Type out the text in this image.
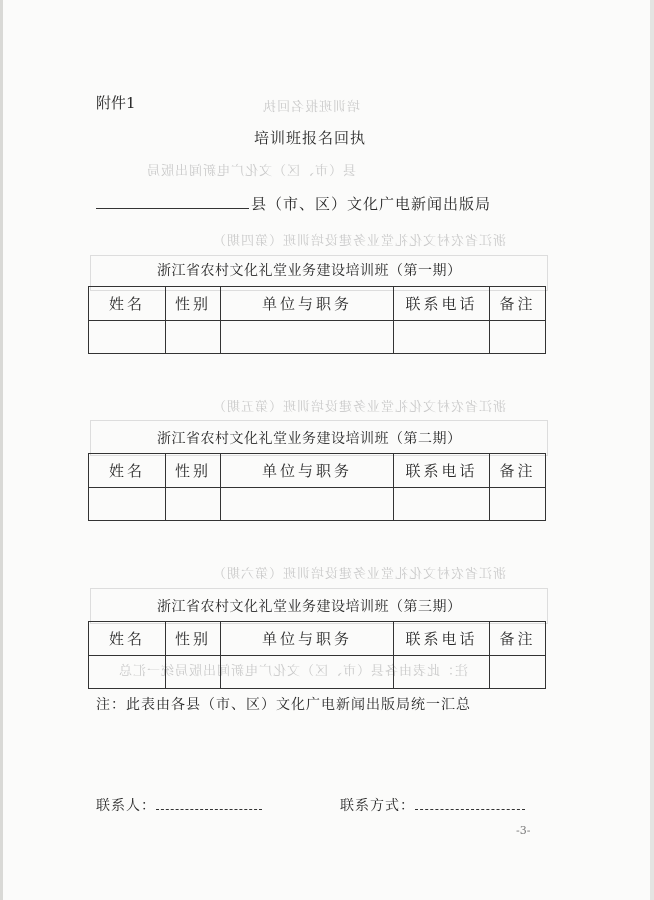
培训班报名回执
县（市、区）文化广电新闻出版局
浙江省农村文化礼堂业务建设培训班（第四期）
浙江省农村文化礼堂业务建设培训班（第五期）
浙江省农村文化礼堂业务建设培训班（第六期）
注：此表由各县（市、区）文化广电新闻出版局统一汇总
附件1
培训班报名回执
县（市、区）文化广电新闻出版局
浙江省农村文化礼堂业务建设培训班（第一期）
姓名	性别	单位与职务	联系电话	备注

浙江省农村文化礼堂业务建设培训班（第二期）
姓名	性别	单位与职务	联系电话	备注

浙江省农村文化礼堂业务建设培训班（第三期）
姓名	性别	单位与职务	联系电话	备注

注：此表由各县（市、区）文化广电新闻出版局统一汇总
联系人：	联系方式：
-3-
